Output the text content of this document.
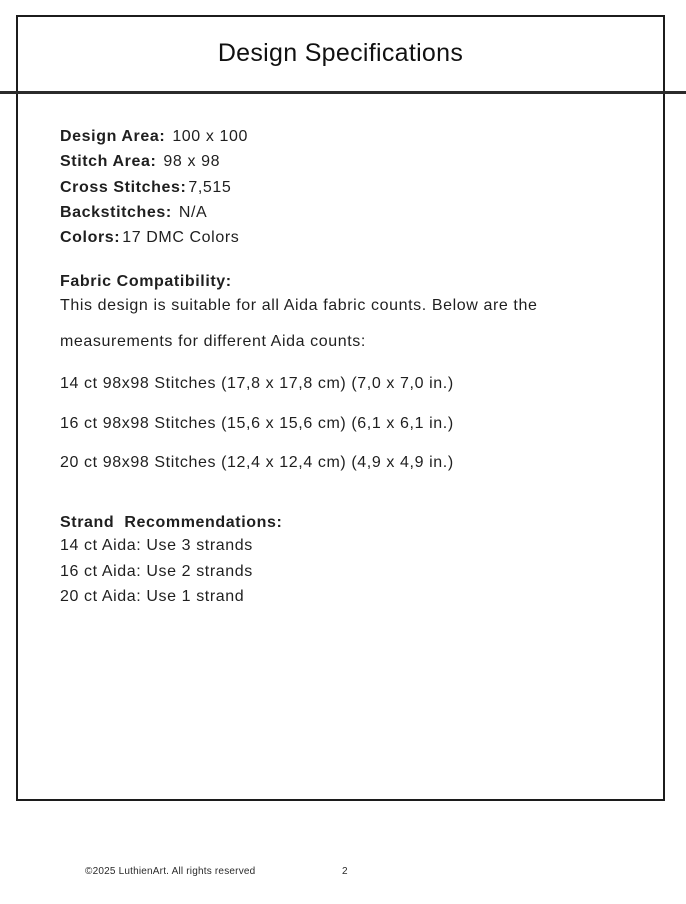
Design Specifications
Design Area: 100 x 100
Stitch Area: 98 x 98
Cross Stitches: 7,515
Backstitches: N/A
Colors: 17 DMC Colors
Fabric Compatibility:
This design is suitable for all Aida fabric counts. Below are the
measurements for different Aida counts:
14 ct 98x98 Stitches (17,8 x 17,8 cm) (7,0 x 7,0 in.)
16 ct 98x98 Stitches (15,6 x 15,6 cm) (6,1 x 6,1 in.)
20 ct 98x98 Stitches (12,4 x 12,4 cm) (4,9 x 4,9 in.)
Strand  Recommendations:
14 ct Aida: Use 3 strands
16 ct Aida: Use 2 strands
20 ct Aida: Use 1 strand
©2025 LuthienArt. All rights reserved	2
